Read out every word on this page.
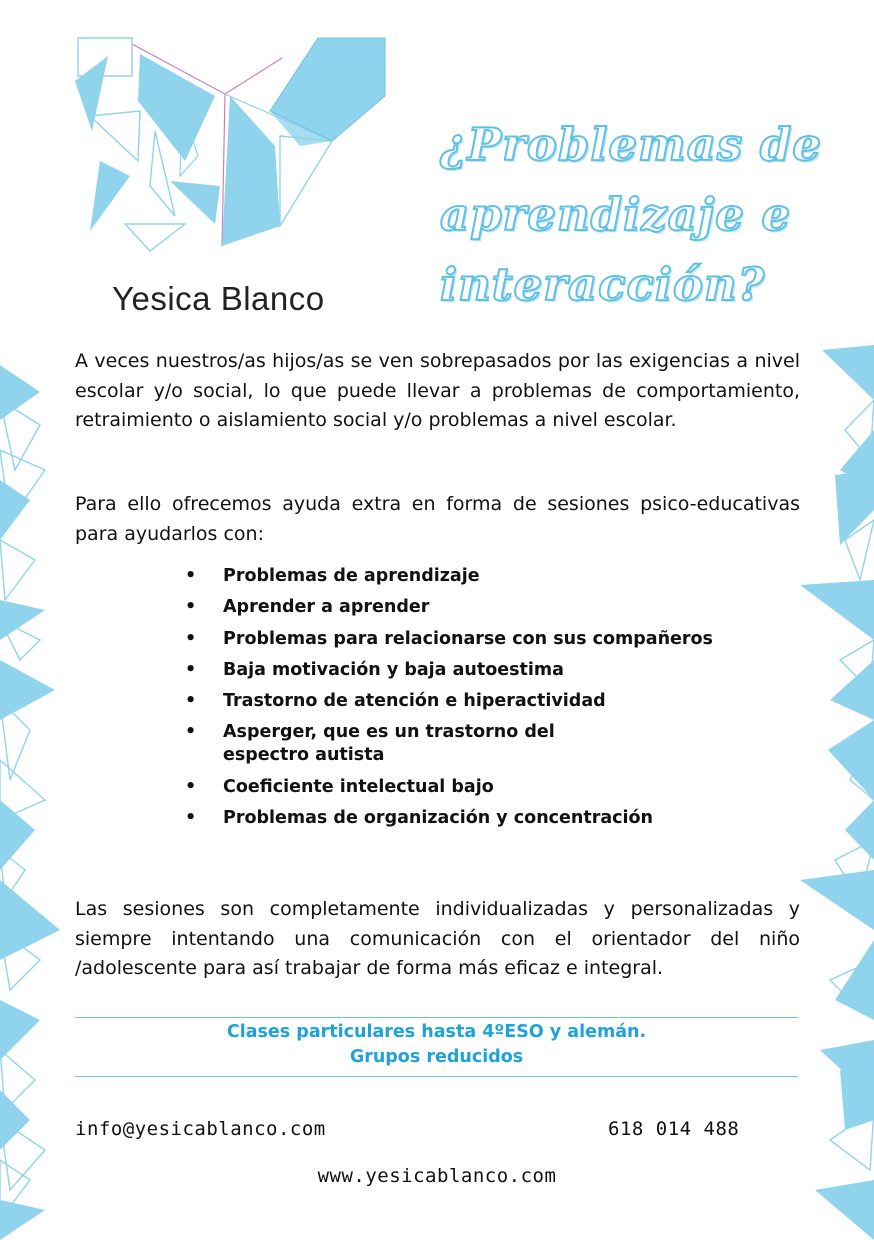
Yesica Blanco
¿Problemas de
aprendizaje e
interacción?

A veces nuestros/as hijos/as se ven sobrepasados por las exigencias a nivel escolar y/o social, lo que puede llevar a problemas de comportamiento, retraimiento o aislamiento social y/o problemas a nivel escolar.

Para ello ofrecemos ayuda extra en forma de sesiones psico-educativas para ayudarlos con:

• Problemas de aprendizaje
• Aprender a aprender
• Problemas para relacionarse con sus compañeros
• Baja motivación y baja autoestima
• Trastorno de atención e hiperactividad
• Asperger, que es un trastorno del espectro autista
• Coeficiente intelectual bajo
• Problemas de organización y concentración

Las sesiones son completamente individualizadas y personalizadas y siempre intentando una comunicación con el orientador del niño /adolescente para así trabajar de forma más eficaz e integral.

Clases particulares hasta 4ºESO y alemán.
Grupos reducidos
info@yesicablanco.com	618 014 488
www.yesicablanco.com
